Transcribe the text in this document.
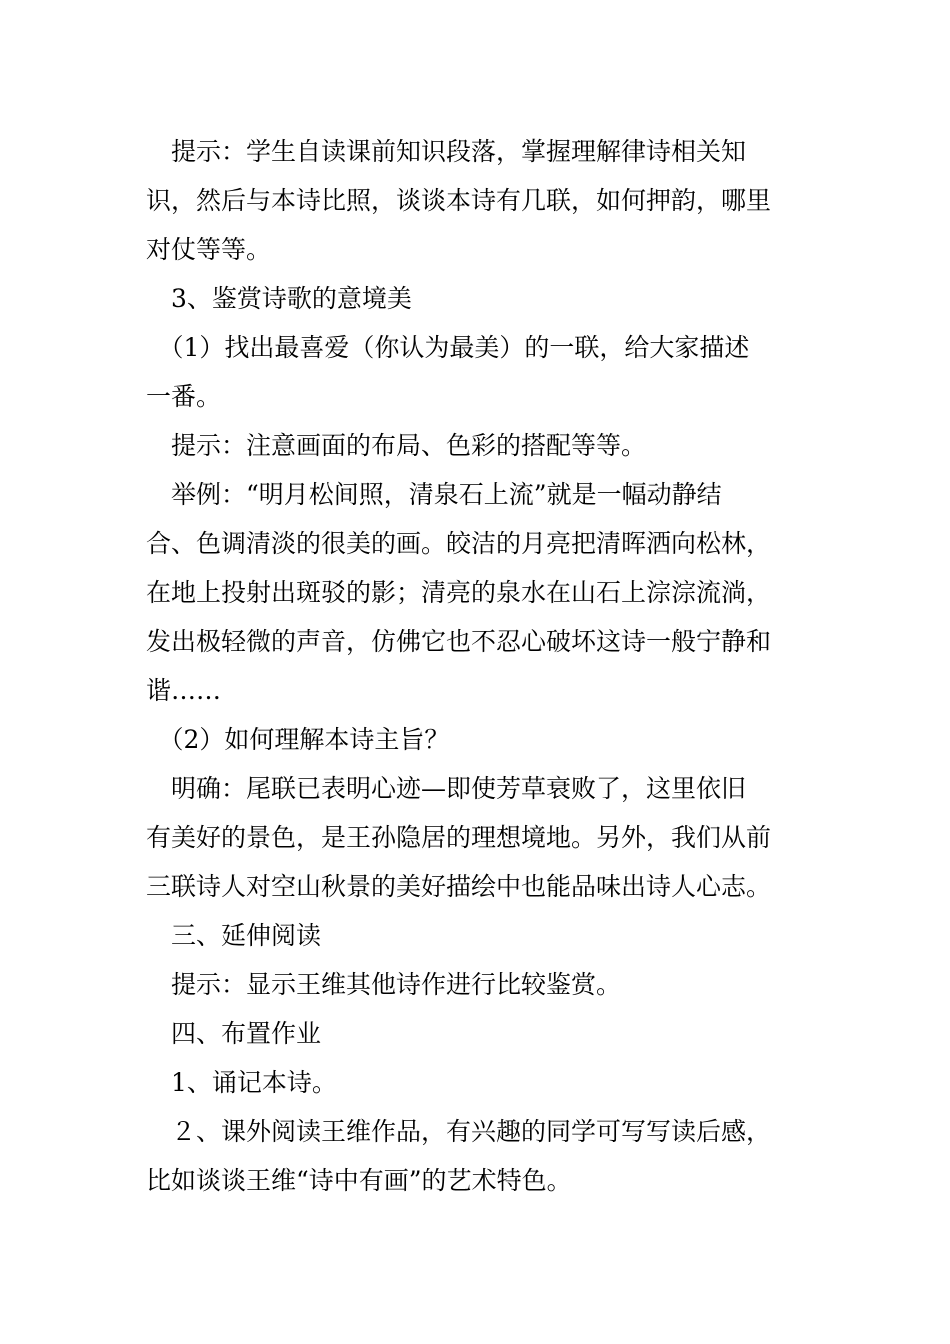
　提示：学生自读课前知识段落，掌握理解律诗相关知
识，然后与本诗比照，谈谈本诗有几联，如何押韵，哪里
对仗等等。
　3、鉴赏诗歌的意境美
　（1）找出最喜爱（你认为最美）的一联，给大家描述
一番。
　提示：注意画面的布局、色彩的搭配等等。
　举例：“明月松间照，清泉石上流”就是一幅动静结
合、色调清淡的很美的画。皎洁的月亮把清晖洒向松林，
在地上投射出斑驳的影；清亮的泉水在山石上淙淙流淌，
发出极轻微的声音，仿佛它也不忍心破坏这诗一般宁静和
谐……
　（2）如何理解本诗主旨？
　明确：尾联已表明心迹—即使芳草衰败了，这里依旧
有美好的景色，是王孙隐居的理想境地。另外，我们从前
三联诗人对空山秋景的美好描绘中也能品味出诗人心志。
　三、延伸阅读
　提示：显示王维其他诗作进行比较鉴赏。
　四、布置作业
　1、诵记本诗。
　２、课外阅读王维作品，有兴趣的同学可写写读后感，
比如谈谈王维“诗中有画”的艺术特色。
